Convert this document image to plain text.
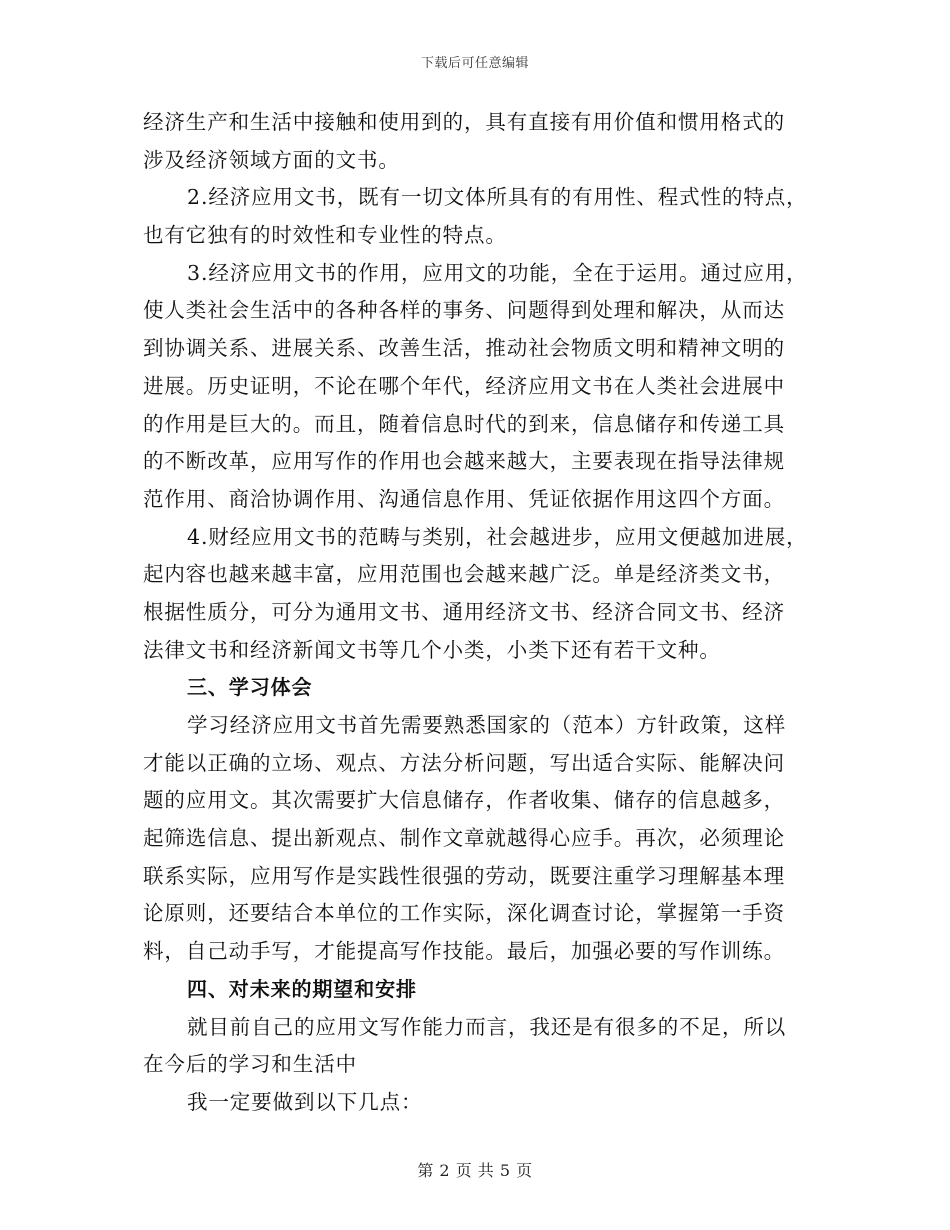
下载后可任意编辑
经济生产和生活中接触和使用到的，具有直接有用价值和惯用格式的
涉及经济领域方面的文书。
2.经济应用文书，既有一切文体所具有的有用性、程式性的特点，
也有它独有的时效性和专业性的特点。
3.经济应用文书的作用，应用文的功能，全在于运用。通过应用，
使人类社会生活中的各种各样的事务、问题得到处理和解决，从而达
到协调关系、进展关系、改善生活，推动社会物质文明和精神文明的
进展。历史证明，不论在哪个年代，经济应用文书在人类社会进展中
的作用是巨大的。而且，随着信息时代的到来，信息储存和传递工具
的不断改革，应用写作的作用也会越来越大，主要表现在指导法律规
范作用、商洽协调作用、沟通信息作用、凭证依据作用这四个方面。
4.财经应用文书的范畴与类别，社会越进步，应用文便越加进展，
起内容也越来越丰富，应用范围也会越来越广泛。单是经济类文书，
根据性质分，可分为通用文书、通用经济文书、经济合同文书、经济
法律文书和经济新闻文书等几个小类，小类下还有若干文种。
三、学习体会
学习经济应用文书首先需要熟悉国家的（范本）方针政策，这样
才能以正确的立场、观点、方法分析问题，写出适合实际、能解决问
题的应用文。其次需要扩大信息储存，作者收集、储存的信息越多，
起筛选信息、提出新观点、制作文章就越得心应手。再次，必须理论
联系实际，应用写作是实践性很强的劳动，既要注重学习理解基本理
论原则，还要结合本单位的工作实际，深化调查讨论，掌握第一手资
料，自己动手写，才能提高写作技能。最后，加强必要的写作训练。
四、对未来的期望和安排
就目前自己的应用文写作能力而言，我还是有很多的不足，所以
在今后的学习和生活中
我一定要做到以下几点：
第 2 页 共 5 页
